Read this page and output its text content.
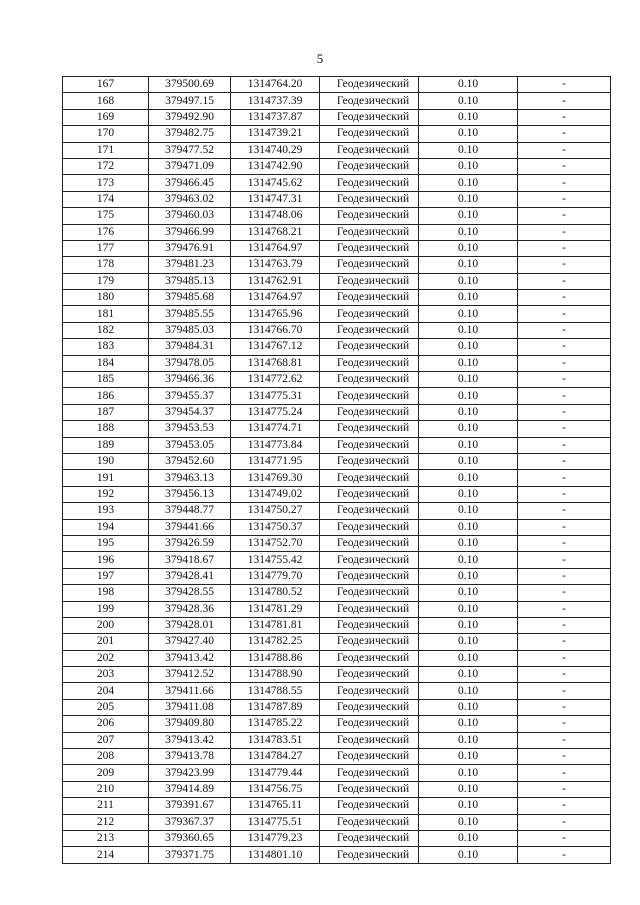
5
167	379500.69	1314764.20	Геодезический	0.10	-
168	379497.15	1314737.39	Геодезический	0.10	-
169	379492.90	1314737.87	Геодезический	0.10	-
170	379482.75	1314739.21	Геодезический	0.10	-
171	379477.52	1314740.29	Геодезический	0.10	-
172	379471.09	1314742.90	Геодезический	0.10	-
173	379466.45	1314745.62	Геодезический	0.10	-
174	379463.02	1314747.31	Геодезический	0.10	-
175	379460.03	1314748.06	Геодезический	0.10	-
176	379466.99	1314768.21	Геодезический	0.10	-
177	379476.91	1314764.97	Геодезический	0.10	-
178	379481.23	1314763.79	Геодезический	0.10	-
179	379485.13	1314762.91	Геодезический	0.10	-
180	379485.68	1314764.97	Геодезический	0.10	-
181	379485.55	1314765.96	Геодезический	0.10	-
182	379485.03	1314766.70	Геодезический	0.10	-
183	379484.31	1314767.12	Геодезический	0.10	-
184	379478.05	1314768.81	Геодезический	0.10	-
185	379466.36	1314772.62	Геодезический	0.10	-
186	379455.37	1314775.31	Геодезический	0.10	-
187	379454.37	1314775.24	Геодезический	0.10	-
188	379453.53	1314774.71	Геодезический	0.10	-
189	379453.05	1314773.84	Геодезический	0.10	-
190	379452.60	1314771.95	Геодезический	0.10	-
191	379463.13	1314769.30	Геодезический	0.10	-
192	379456.13	1314749.02	Геодезический	0.10	-
193	379448.77	1314750.27	Геодезический	0.10	-
194	379441.66	1314750.37	Геодезический	0.10	-
195	379426.59	1314752.70	Геодезический	0.10	-
196	379418.67	1314755.42	Геодезический	0.10	-
197	379428.41	1314779.70	Геодезический	0.10	-
198	379428.55	1314780.52	Геодезический	0.10	-
199	379428.36	1314781.29	Геодезический	0.10	-
200	379428.01	1314781.81	Геодезический	0.10	-
201	379427.40	1314782.25	Геодезический	0.10	-
202	379413.42	1314788.86	Геодезический	0.10	-
203	379412.52	1314788.90	Геодезический	0.10	-
204	379411.66	1314788.55	Геодезический	0.10	-
205	379411.08	1314787.89	Геодезический	0.10	-
206	379409.80	1314785.22	Геодезический	0.10	-
207	379413.42	1314783.51	Геодезический	0.10	-
208	379413.78	1314784.27	Геодезический	0.10	-
209	379423.99	1314779.44	Геодезический	0.10	-
210	379414.89	1314756.75	Геодезический	0.10	-
211	379391.67	1314765.11	Геодезический	0.10	-
212	379367.37	1314775.51	Геодезический	0.10	-
213	379360.65	1314779.23	Геодезический	0.10	-
214	379371.75	1314801.10	Геодезический	0.10	-
